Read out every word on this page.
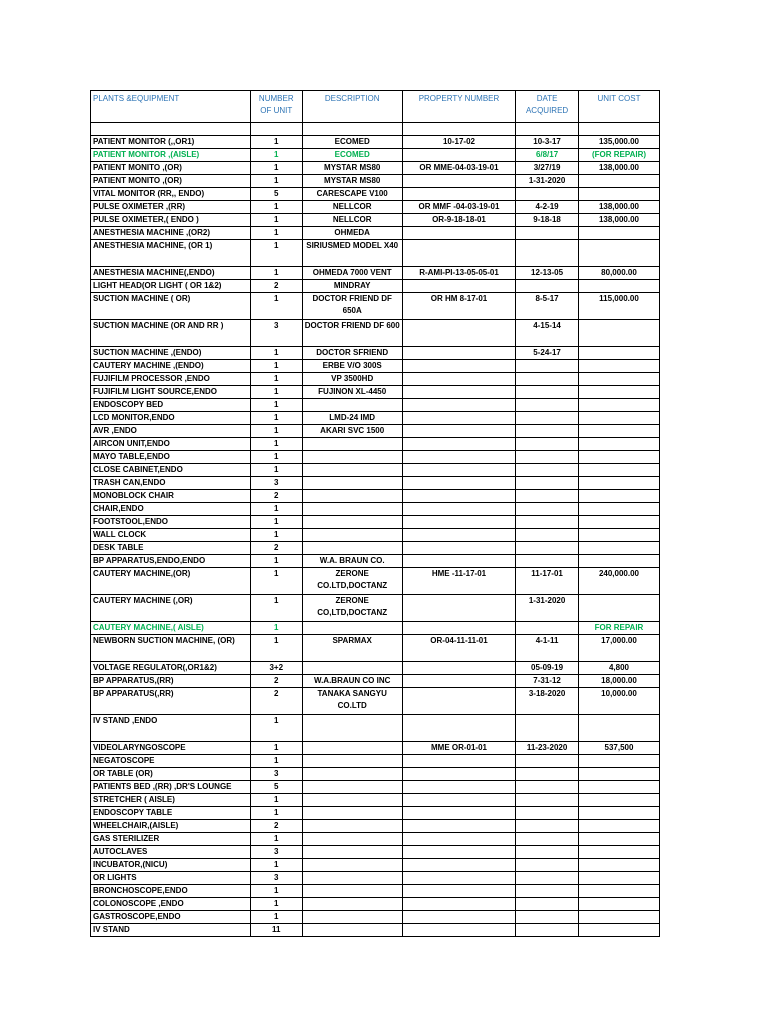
PLANTS &EQUIPMENT	NUMBER OF UNIT	DESCRIPTION	PROPERTY NUMBER	DATE ACQUIRED	UNIT COST

PATIENT MONITOR (,,OR1)	1	ECOMED	10-17-02	10-3-17	135,000.00
PATIENT MONITOR ,(AISLE)	1	ECOMED		6/8/17	(FOR REPAIR)
PATIENT MONITO ,(OR)	1	MYSTAR MS80	OR MME-04-03-19-01	3/27/19	138,000.00
PATIENT MONITO ,(OR)	1	MYSTAR MS80		1-31-2020	
VITAL MONITOR (RR,, ENDO)	5	CARESCAPE V100			
PULSE OXIMETER ,(RR)	1	NELLCOR	OR MMF -04-03-19-01	4-2-19	138,000.00
PULSE OXIMETER,( ENDO )	1	NELLCOR	OR-9-18-18-01	9-18-18	138,000.00
ANESTHESIA MACHINE ,(OR2)	1	OHMEDA			
ANESTHESIA MACHINE, (OR 1)	1	SIRIUSMED MODEL X40			
ANESTHESIA MACHINE(,ENDO)	1	OHMEDA 7000 VENT	R-AMI-PI-13-05-05-01	12-13-05	80,000.00
LIGHT HEAD(OR LIGHT ( OR 1&2)	2	MINDRAY			
SUCTION MACHINE ( OR)	1	DOCTOR FRIEND DF 650A	OR HM 8-17-01	8-5-17	115,000.00
SUCTION MACHINE (OR AND RR )	3	DOCTOR FRIEND DF 600		4-15-14	
SUCTION MACHINE ,(ENDO)	1	DOCTOR SFRIEND		5-24-17	
CAUTERY MACHINE ,(ENDO)	1	ERBE V/O 300S			
FUJIFILM PROCESSOR ,ENDO	1	VP 3500HD			
FUJIFILM LIGHT SOURCE,ENDO	1	FUJINON XL-4450			
ENDOSCOPY BED	1				
LCD MONITOR,ENDO	1	LMD-24 IMD			
AVR ,ENDO	1	AKARI SVC 1500			
AIRCON UNIT,ENDO	1				
MAYO TABLE,ENDO	1				
CLOSE CABINET,ENDO	1				
TRASH CAN,ENDO	3				
MONOBLOCK CHAIR	2				
CHAIR,ENDO	1				
FOOTSTOOL,ENDO	1				
WALL CLOCK	1				
DESK TABLE	2				
BP APPARATUS,ENDO,ENDO	1	W.A. BRAUN CO.			
CAUTERY MACHINE,(OR)	1	ZERONE CO.LTD,DOCTANZ	HME -11-17-01	11-17-01	240,000.00
CAUTERY MACHINE (,OR)	1	ZERONE CO,LTD,DOCTANZ		1-31-2020	
CAUTERY MACHINE,( AISLE)	1				FOR REPAIR
NEWBORN SUCTION MACHINE, (OR)	1	SPARMAX	OR-04-11-11-01	4-1-11	17,000.00
VOLTAGE REGULATOR(,OR1&2)	3+2			05-09-19	4,800
BP APPARATUS,(RR)	2	W.A.BRAUN CO INC		7-31-12	18,000.00
BP APPARATUS(,RR)	2	TANAKA SANGYU CO.LTD		3-18-2020	10,000.00
IV STAND ,ENDO	1				
VIDEOLARYNGOSCOPE	1		MME OR-01-01	11-23-2020	537,500
NEGATOSCOPE	1				
OR TABLE (OR)	3				
PATIENTS BED ,(RR) ,DR'S LOUNGE	5				
STRETCHER ( AISLE)	1				
ENDOSCOPY TABLE	1				
WHEELCHAIR,(AISLE)	2				
GAS STERILIZER	1				
AUTOCLAVES	3				
INCUBATOR,(NICU)	1				
OR LIGHTS	3				
BRONCHOSCOPE,ENDO	1				
COLONOSCOPE ,ENDO	1				
GASTROSCOPE,ENDO	1				
IV STAND	11				
